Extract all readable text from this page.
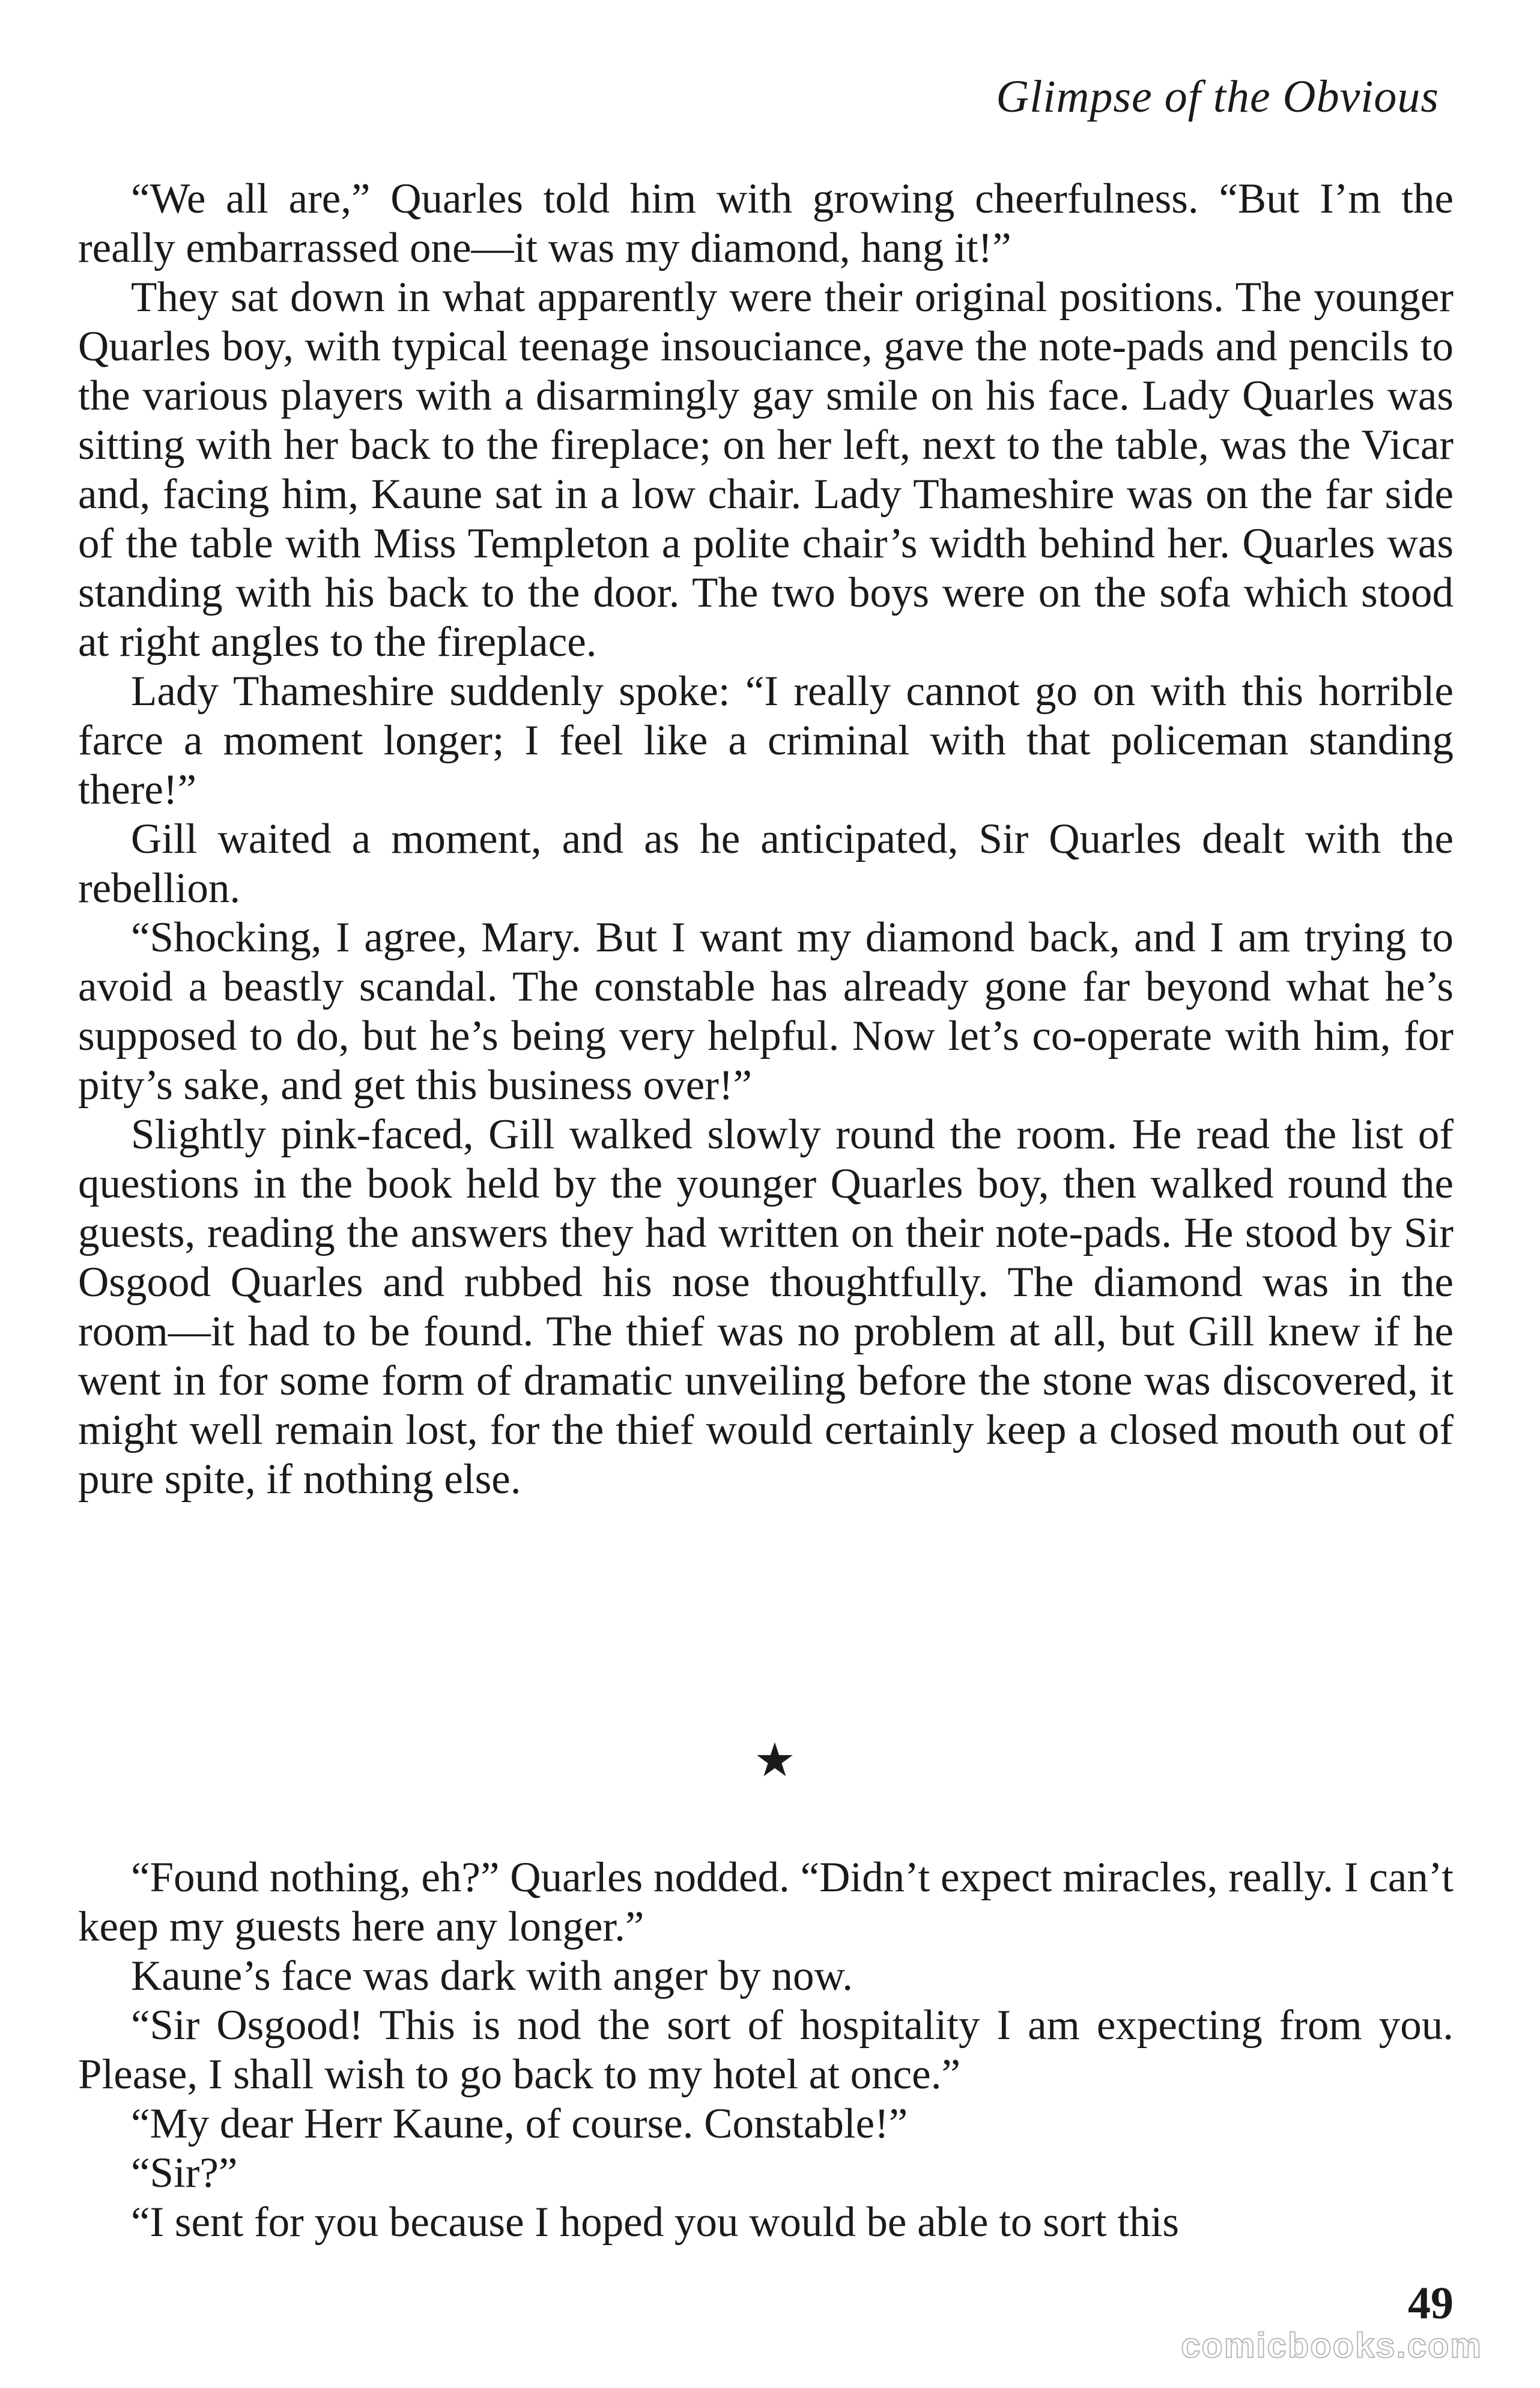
Glimpse of the Obvious

“We all are,” Quarles told him with growing cheerfulness. “But I’m the really embarrassed one—it was my diamond, hang it!”

They sat down in what apparently were their original positions. The younger Quarles boy, with typical teenage insouciance, gave the note-pads and pencils to the various players with a disarmingly gay smile on his face. Lady Quarles was sitting with her back to the fireplace; on her left, next to the table, was the Vicar and, facing him, Kaune sat in a low chair. Lady Thameshire was on the far side of the table with Miss Templeton a polite chair’s width behind her. Quarles was standing with his back to the door. The two boys were on the sofa which stood at right angles to the fireplace.

Lady Thameshire suddenly spoke: “I really cannot go on with this horrible farce a moment longer; I feel like a criminal with that policeman standing there!”

Gill waited a moment, and as he anticipated, Sir Quarles dealt with the rebellion.

“Shocking, I agree, Mary. But I want my diamond back, and I am trying to avoid a beastly scandal. The constable has already gone far beyond what he’s supposed to do, but he’s being very helpful. Now let’s co-operate with him, for pity’s sake, and get this business over!”

Slightly pink-faced, Gill walked slowly round the room. He read the list of questions in the book held by the younger Quarles boy, then walked round the guests, reading the answers they had written on their note-pads. He stood by Sir Osgood Quarles and rubbed his nose thoughtfully. The diamond was in the room—it had to be found. The thief was no problem at all, but Gill knew if he went in for some form of dramatic unveiling before the stone was discovered, it might well remain lost, for the thief would certainly keep a closed mouth out of pure spite, if nothing else.

★

“Found nothing, eh?” Quarles nodded. “Didn’t expect miracles, really. I can’t keep my guests here any longer.”

Kaune’s face was dark with anger by now.

“Sir Osgood! This is nod the sort of hospitality I am expecting from you. Please, I shall wish to go back to my hotel at once.”

“My dear Herr Kaune, of course. Constable!”

“Sir?”

“I sent for you because I hoped you would be able to sort this

49
comicbooks.com
